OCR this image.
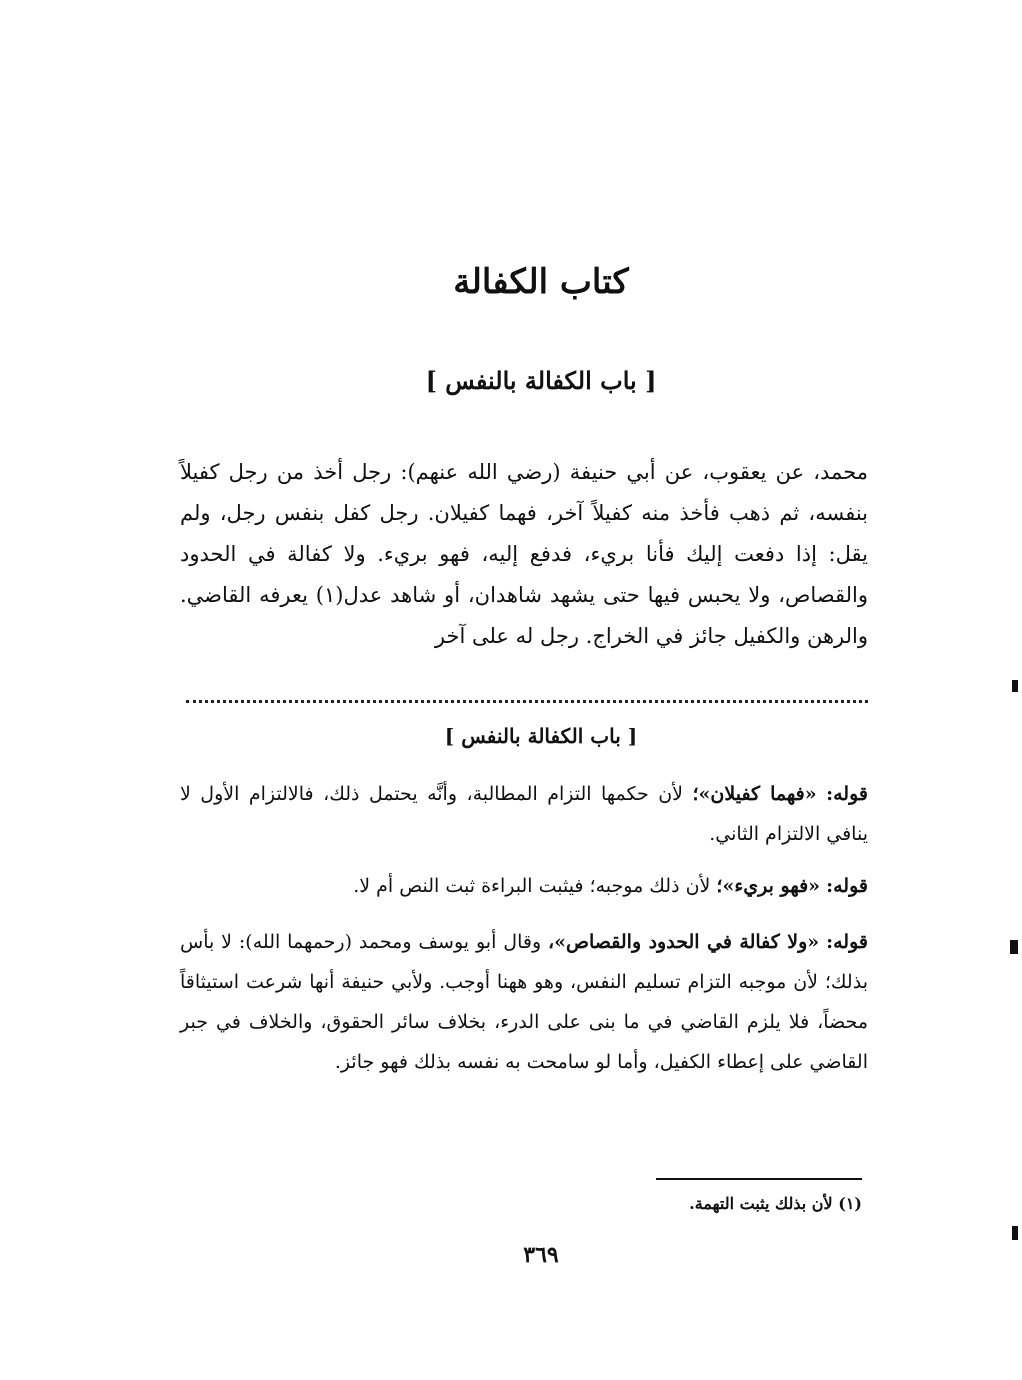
كتاب الكفالة
[ باب الكفالة بالنفس ]

محمد، عن يعقوب، عن أبي حنيفة (رضي الله عنهم): رجل أخذ من رجل كفيلاً بنفسه، ثم ذهب فأخذ منه كفيلاً آخر، فهما كفيلان. رجل كفل بنفس رجل، ولم يقل: إذا دفعت إليك فأنا بريء، فدفع إليه، فهو بريء. ولا كفالة في الحدود والقصاص، ولا يحبس فيها حتى يشهد شاهدان، أو شاهد عدل(١) يعرفه القاضي. والرهن والكفيل جائز في الخراج. رجل له على آخر

[ باب الكفالة بالنفس ]

قوله: «فهما كفيلان»؛ لأن حكمها التزام المطالبة، وأنَّه يحتمل ذلك، فالالتزام الأول لا ينافي الالتزام الثاني.

قوله: «فهو بريء»؛ لأن ذلك موجبه؛ فيثبت البراءة ثبت النص أم لا.

قوله: «ولا كفالة في الحدود والقصاص»، وقال أبو يوسف ومحمد (رحمهما الله): لا بأس بذلك؛ لأن موجبه التزام تسليم النفس، وهو ههنا أوجب. ولأبي حنيفة أنها شرعت استيثاقاً محضاً، فلا يلزم القاضي في ما بنى على الدرء، بخلاف سائر الحقوق، والخلاف في جبر القاضي على إعطاء الكفيل، وأما لو سامحت به نفسه بذلك فهو جائز.

(١) لأن بذلك يثبت التهمة.
٣٦٩
